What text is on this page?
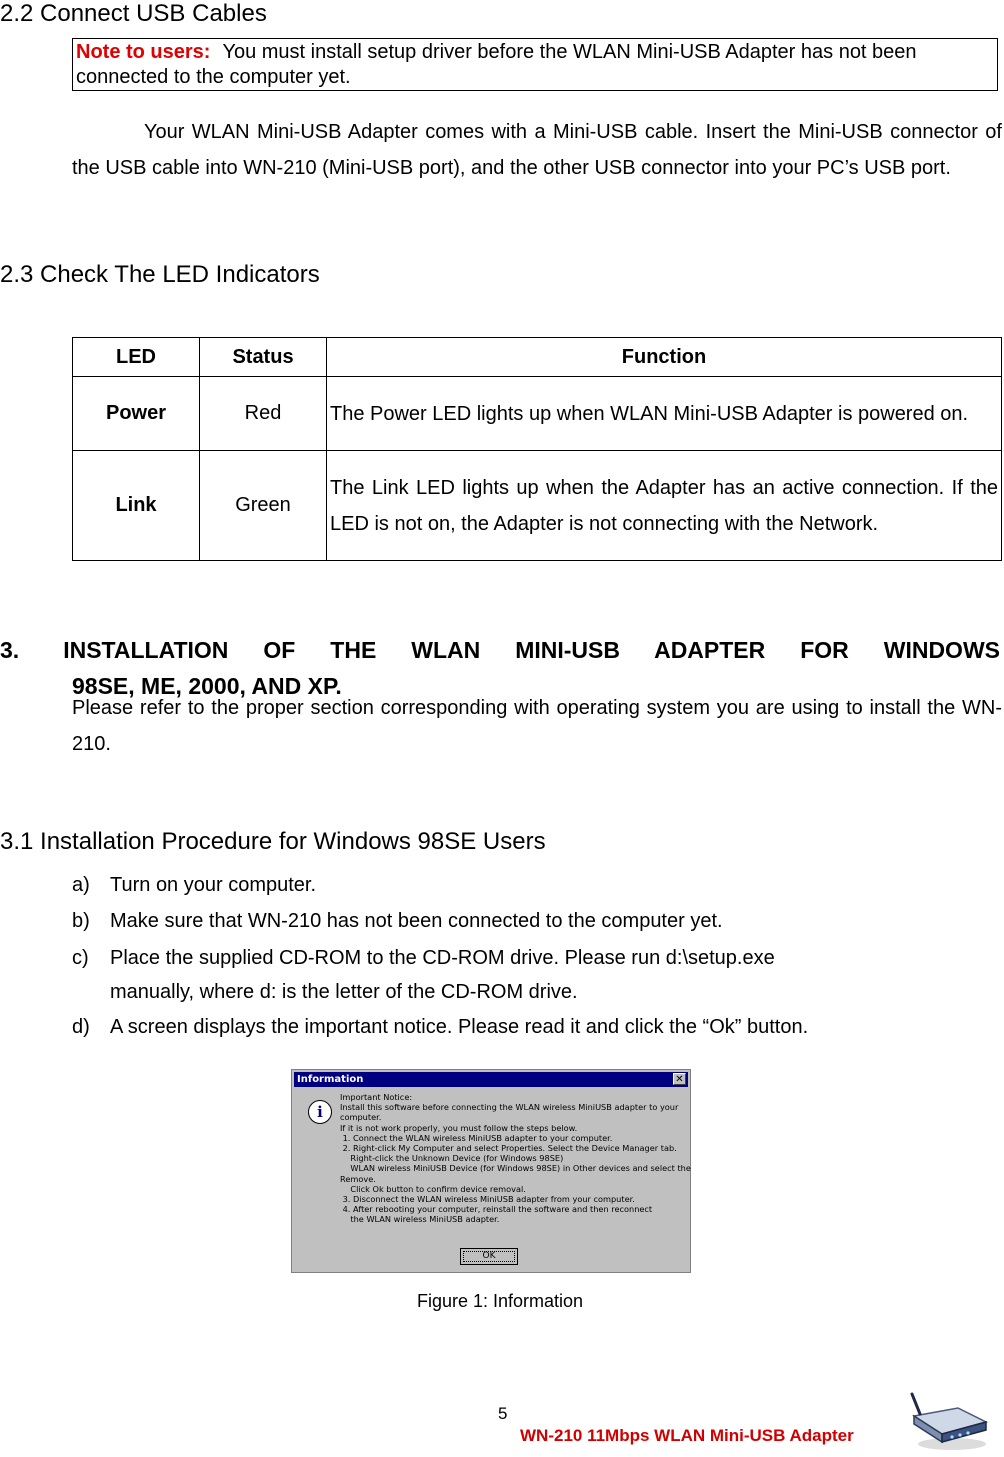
2.2 Connect USB Cables
Note to users: You must install setup driver before the WLAN Mini-USB Adapter has not been connected to the computer yet.
Your WLAN Mini-USB Adapter comes with a Mini-USB cable. Insert the Mini-USB connector of the USB cable into WN-210 (Mini-USB port), and the other USB connector into your PC’s USB port.
2.3 Check The LED Indicators
LED	Status	Function
Power	Red	The Power LED lights up when WLAN Mini-USB Adapter is powered on.
Link	Green	The Link LED lights up when the Adapter has an active connection. If the LED is not on, the Adapter is not connecting with the Network.
3. INSTALLATION OF THE WLAN MINI-USB ADAPTER FOR WINDOWS
98SE, ME, 2000, AND XP.
Please refer to the proper section corresponding with operating system you are using to install the WN-210.
3.1 Installation Procedure for Windows 98SE Users
a) Turn on your computer.
b) Make sure that WN-210 has not been connected to the computer yet.
c) Place the supplied CD-ROM to the CD-ROM drive. Please run d:\setup.exe
manually, where d: is the letter of the CD-ROM drive.
d) A screen displays the important notice. Please read it and click the “Ok” button.
Information	✕
i
Important Notice:
Install this software before connecting the WLAN wireless MiniUSB adapter to your
computer.
If it is not work properly, you must follow the steps below.
1. Connect the WLAN wireless MiniUSB adapter to your computer.
2. Right-click My Computer and select Properties. Select the Device Manager tab.
Right-click the Unknown Device (for Windows 98SE)
WLAN wireless MiniUSB Device (for Windows 98SE) in Other devices and select the
Remove.
Click Ok button to confirm device removal.
3. Disconnect the WLAN wireless MiniUSB adapter from your computer.
4. After rebooting your computer, reinstall the software and then reconnect
the WLAN wireless MiniUSB adapter.
OK
Figure 1: Information
5
WN-210 11Mbps WLAN Mini-USB Adapter
